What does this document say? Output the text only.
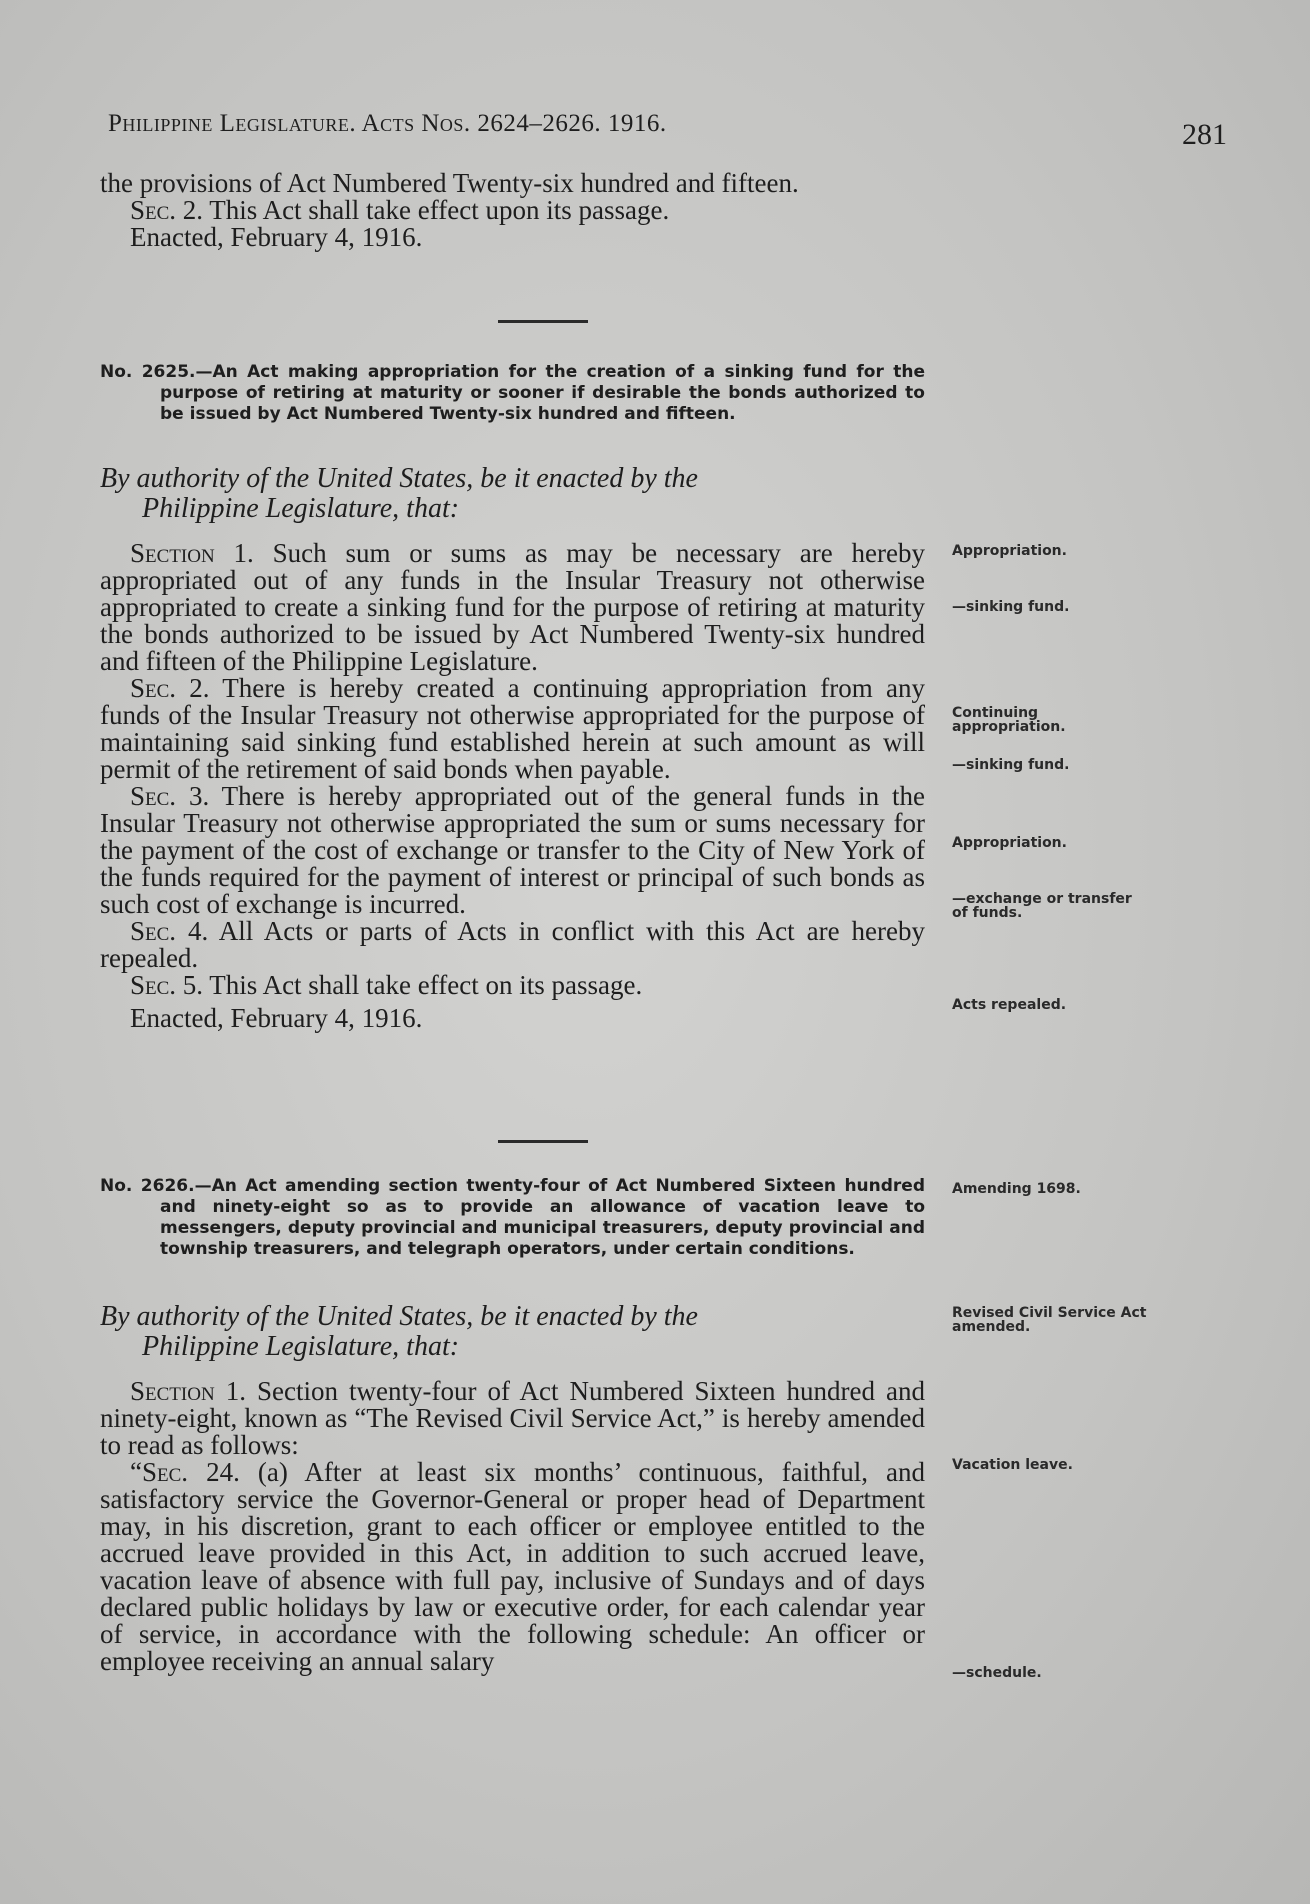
Philippine Legislature. Acts Nos. 2624–2626. 1916.	281

the provisions of Act Numbered Twenty-six hundred and fifteen.

Sec. 2. This Act shall take effect upon its passage.

Enacted, February 4, 1916.

No. 2625.—An Act making appropriation for the creation of a sinking fund for the purpose of retiring at maturity or sooner if desirable the bonds authorized to be issued by Act Numbered Twenty-six hundred and fifteen.

By authority of the United States, be it enacted by the
Philippine Legislature, that:

Section 1. Such sum or sums as may be necessary are hereby appropriated out of any funds in the Insular Treasury not otherwise appropriated to create a sinking fund for the purpose of retiring at maturity the bonds authorized to be issued by Act Numbered Twenty-six hundred and fifteen of the Philippine Legislature.

Sec. 2. There is hereby created a continuing appropriation from any funds of the Insular Treasury not otherwise appropriated for the purpose of maintaining said sinking fund established herein at such amount as will permit of the retirement of said bonds when payable.

Sec. 3. There is hereby appropriated out of the general funds in the Insular Treasury not otherwise appropriated the sum or sums necessary for the payment of the cost of exchange or transfer to the City of New York of the funds required for the payment of interest or principal of such bonds as such cost of exchange is incurred.

Sec. 4. All Acts or parts of Acts in conflict with this Act are hereby repealed.

Sec. 5. This Act shall take effect on its passage.

Enacted, February 4, 1916.

No. 2626.—An Act amending section twenty-four of Act Numbered Sixteen hundred and ninety-eight so as to provide an allowance of vacation leave to messengers, deputy provincial and municipal treasurers, deputy provincial and township treasurers, and telegraph operators, under certain conditions.

By authority of the United States, be it enacted by the
Philippine Legislature, that:

Section 1. Section twenty-four of Act Numbered Sixteen hundred and ninety-eight, known as “The Revised Civil Service Act,” is hereby amended to read as follows:

“Sec. 24. (a) After at least six months’ continuous, faithful, and satisfactory service the Governor-General or proper head of Department may, in his discretion, grant to each officer or employee entitled to the accrued leave provided in this Act, in addition to such accrued leave, vacation leave of absence with full pay, inclusive of Sundays and of days declared public holidays by law or executive order, for each calendar year of service, in accordance with the following schedule: An officer or employee receiving an annual salary

Appropriation.
—sinking fund.
Continuing appropriation.
—sinking fund.
Appropriation.
—exchange or transfer of funds.
Acts repealed.
Amending 1698.
Revised Civil Service Act amended.
Vacation leave.
—schedule.
